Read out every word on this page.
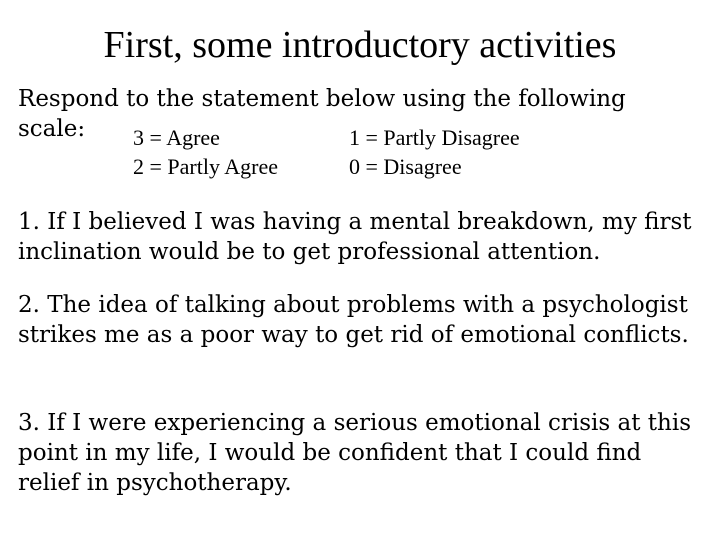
First, some introductory activities
Respond to the statement below using the following
scale: 3 = Agree
2 = Partly Agree
1 = Partly Disagree
0 = Disagree
1. If I believed I was having a mental breakdown, my first inclination would be to get professional attention.
2. The idea of talking about problems with a psychologist strikes me as a poor way to get rid of emotional conflicts.
3. If I were experiencing a serious emotional crisis at this point in my life, I would be confident that I could find relief in psychotherapy.
